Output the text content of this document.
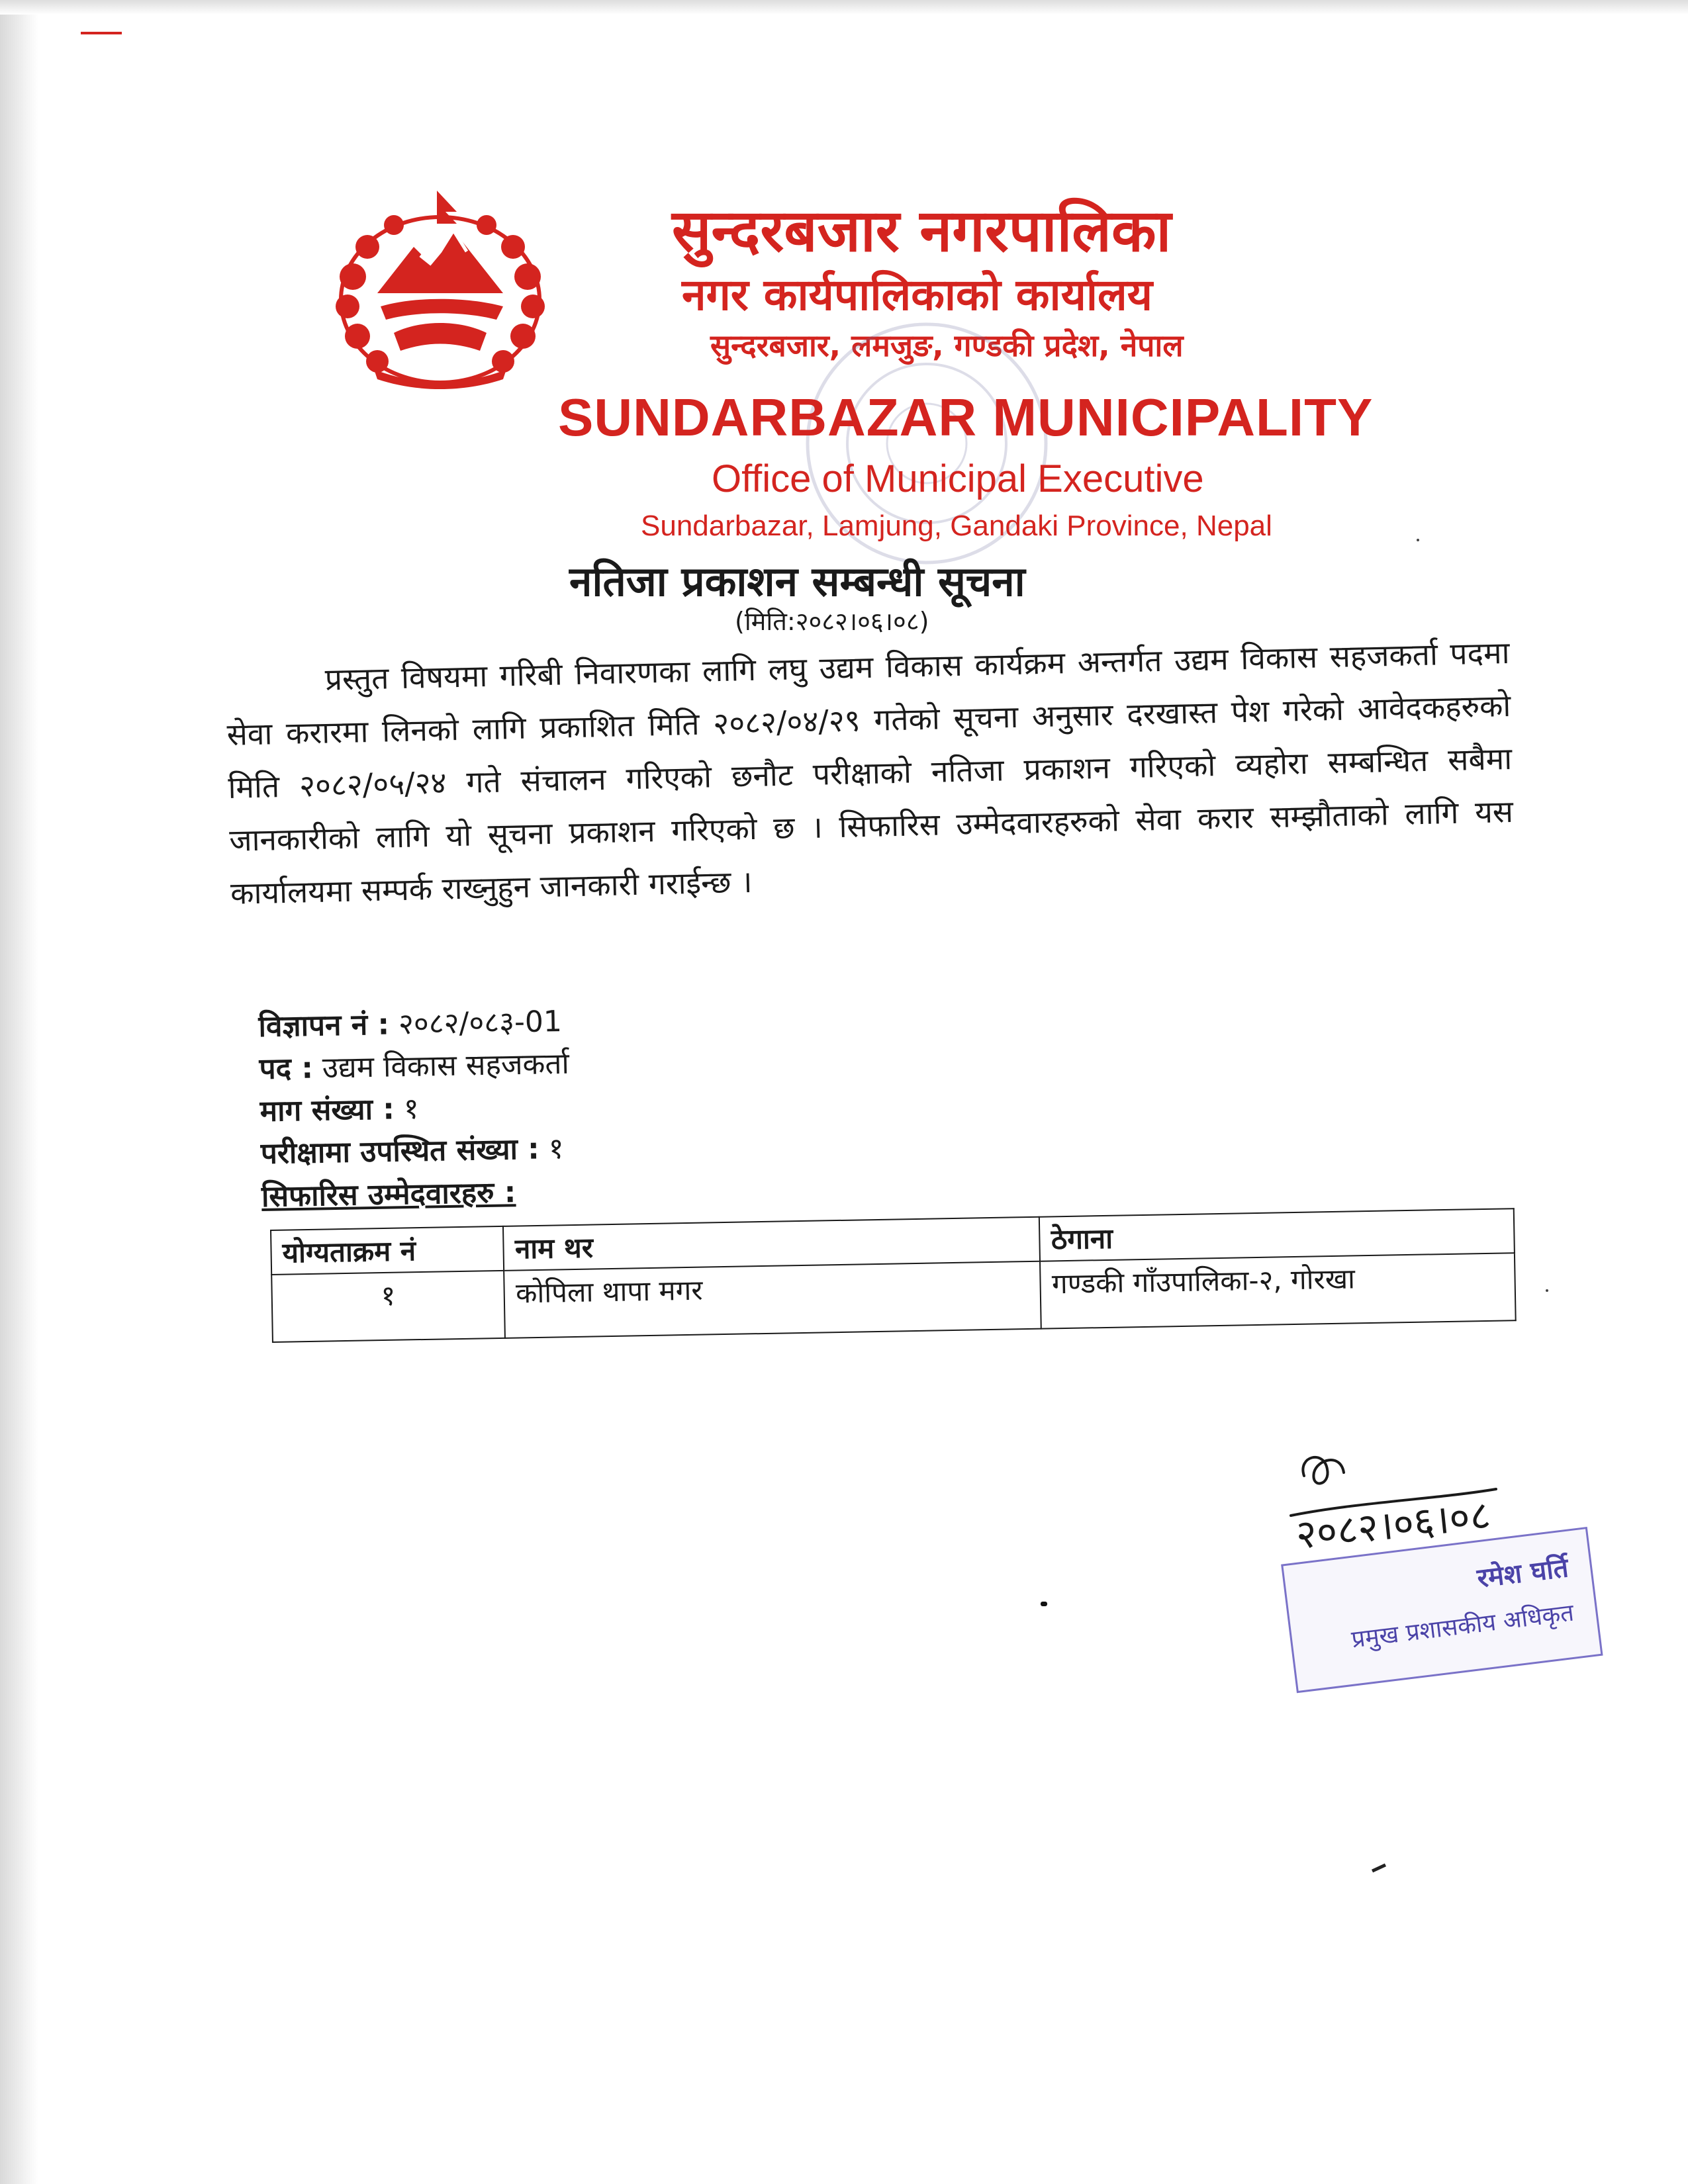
सुन्दरबजार नगरपालिका
नगर कार्यपालिकाको कार्यालय
सुन्दरबजार, लमजुङ, गण्डकी प्रदेश, नेपाल
SUNDARBAZAR MUNICIPALITY
Office of Municipal Executive
Sundarbazar, Lamjung, Gandaki Province, Nepal
नतिजा प्रकाशन सम्बन्धी सूचना
(मिति:२०८२।०६।०८)

प्रस्तुत विषयमा गरिबी निवारणका लागि लघु उद्यम विकास कार्यक्रम अन्तर्गत उद्यम विकास सहजकर्ता पदमा सेवा करारमा लिनको लागि प्रकाशित मिति २०८२/०४/२९ गतेको सूचना अनुसार दरखास्त पेश गरेको आवेदकहरुको मिति २०८२/०५/२४ गते संचालन गरिएको छनौट परीक्षाको नतिजा प्रकाशन गरिएको व्यहोरा सम्बन्धित सबैमा जानकारीको लागि यो सूचना प्रकाशन गरिएको छ । सिफारिस उम्मेदवारहरुको सेवा करार सम्झौताको लागि यस कार्यालयमा सम्पर्क राख्नुहुन जानकारी गराईन्छ ।

विज्ञापन नं : २०८२/०८३-01
पद : उद्यम विकास सहजकर्ता
माग संख्या : १
परीक्षामा उपस्थित संख्या : १
सिफारिस उम्मेदवारहरु :
योग्यताक्रम नं	नाम थर	ठेगाना
१	कोपिला थापा मगर	गण्डकी गाँउपालिका-२, गोरखा
२०८२।०६।०८
रमेश घर्ति
प्रमुख प्रशासकीय अधिकृत
